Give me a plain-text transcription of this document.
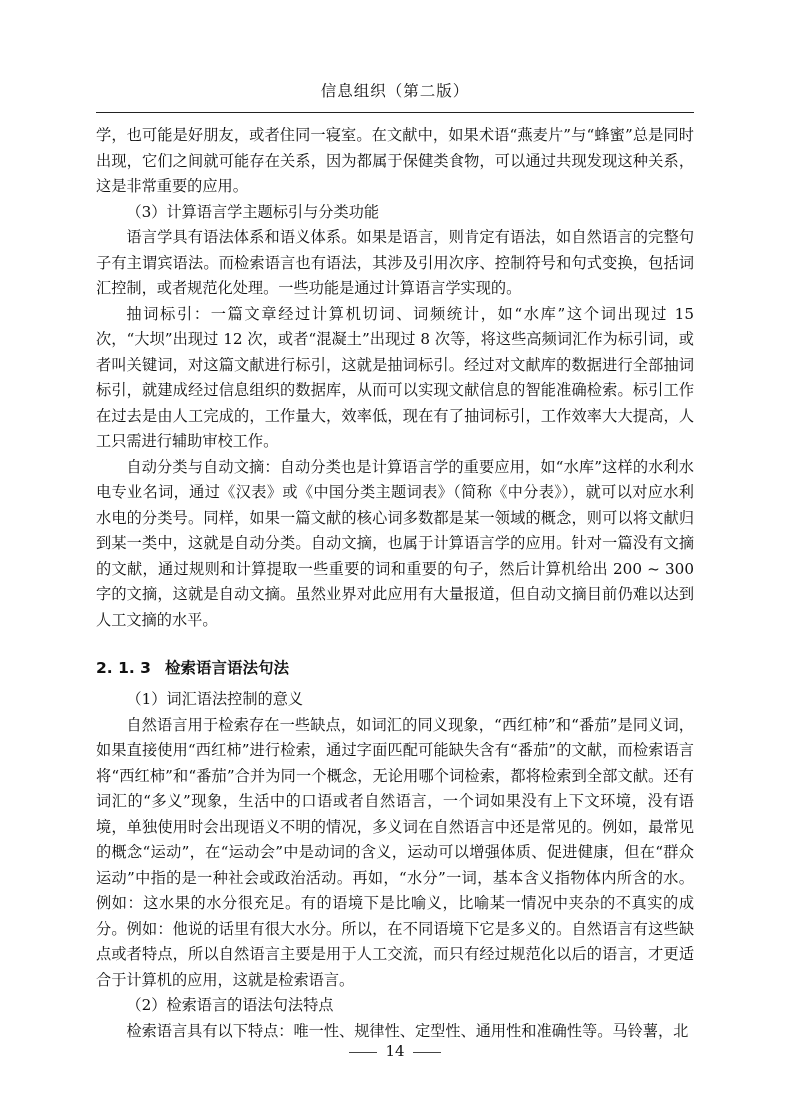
信息组织（第二版）

学，也可能是好朋友，或者住同一寝室。在文献中，如果术语“燕麦片”与“蜂蜜”总是同时出现，它们之间就可能存在关系，因为都属于保健类食物，可以通过共现发现这种关系，这是非常重要的应用。

（3）计算语言学主题标引与分类功能

语言学具有语法体系和语义体系。如果是语言，则肯定有语法，如自然语言的完整句子有主谓宾语法。而检索语言也有语法，其涉及引用次序、控制符号和句式变换，包括词汇控制，或者规范化处理。一些功能是通过计算语言学实现的。

抽词标引：一篇文章经过计算机切词、词频统计，如“水库”这个词出现过 15 次，“大坝”出现过 12 次，或者“混凝土”出现过 8 次等，将这些高频词汇作为标引词，或者叫关键词，对这篇文献进行标引，这就是抽词标引。经过对文献库的数据进行全部抽词标引，就建成经过信息组织的数据库，从而可以实现文献信息的智能准确检索。标引工作在过去是由人工完成的，工作量大，效率低，现在有了抽词标引，工作效率大大提高，人工只需进行辅助审校工作。

自动分类与自动文摘：自动分类也是计算语言学的重要应用，如“水库”这样的水利水电专业名词，通过《汉表》或《中国分类主题词表》（简称《中分表》），就可以对应水利水电的分类号。同样，如果一篇文献的核心词多数都是某一领域的概念，则可以将文献归到某一类中，这就是自动分类。自动文摘，也属于计算语言学的应用。针对一篇没有文摘的文献，通过规则和计算提取一些重要的词和重要的句子，然后计算机给出 200 ~ 300 字的文摘，这就是自动文摘。虽然业界对此应用有大量报道，但自动文摘目前仍难以达到人工文摘的水平。

2. 1. 3 检索语言语法句法

（1）词汇语法控制的意义

自然语言用于检索存在一些缺点，如词汇的同义现象，“西红柿”和“番茄”是同义词，如果直接使用“西红柿”进行检索，通过字面匹配可能缺失含有“番茄”的文献，而检索语言将“西红柿”和“番茄”合并为同一个概念，无论用哪个词检索，都将检索到全部文献。还有词汇的“多义”现象，生活中的口语或者自然语言，一个词如果没有上下文环境，没有语境，单独使用时会出现语义不明的情况，多义词在自然语言中还是常见的。例如，最常见的概念“运动”，在“运动会”中是动词的含义，运动可以增强体质、促进健康，但在“群众运动”中指的是一种社会或政治活动。再如，“水分”一词，基本含义指物体内所含的水。例如：这水果的水分很充足。有的语境下是比喻义，比喻某一情况中夹杂的不真实的成分。例如：他说的话里有很大水分。所以，在不同语境下它是多义的。自然语言有这些缺点或者特点，所以自然语言主要是用于人工交流，而只有经过规范化以后的语言，才更适合于计算机的应用，这就是检索语言。

（2）检索语言的语法句法特点

检索语言具有以下特点：唯一性、规律性、定型性、通用性和准确性等。马铃薯，北

14
